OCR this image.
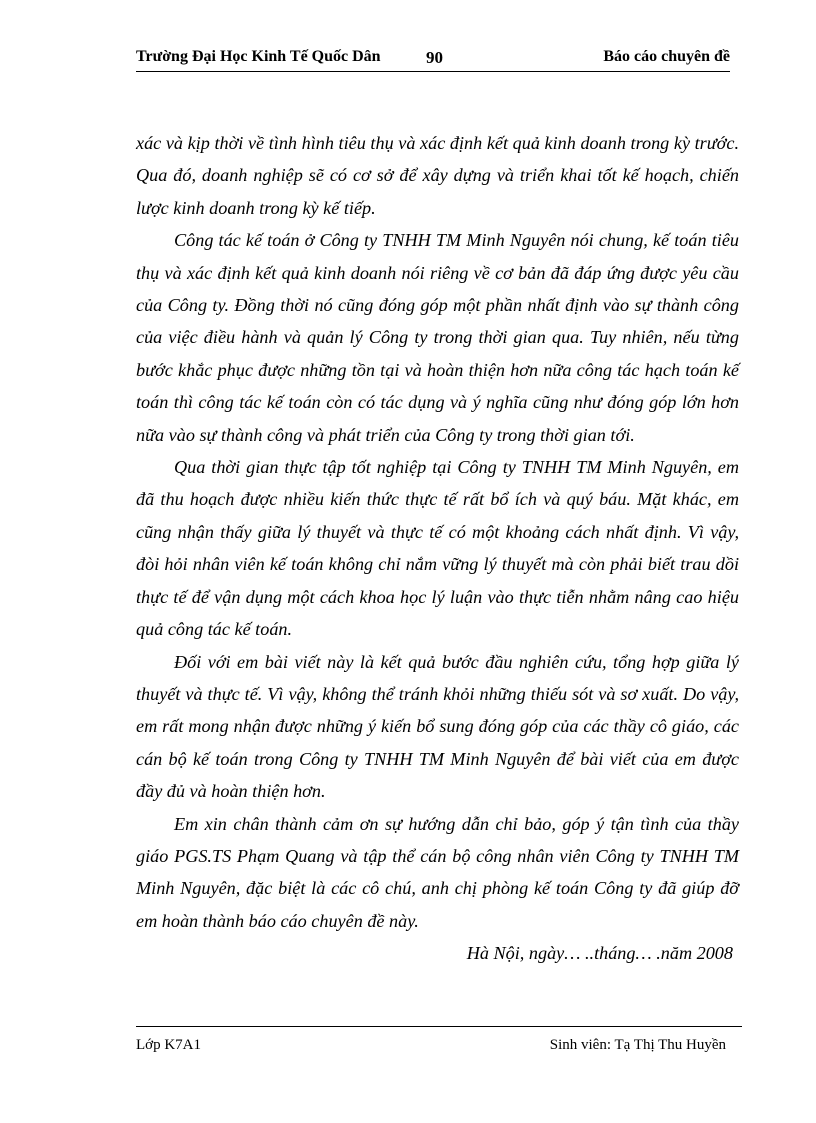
Trường Đại Học Kinh Tế Quốc Dân	90	Báo cáo chuyên đề

xác và kịp thời về tình hình tiêu thụ và xác định kết quả kinh doanh trong kỳ trước. Qua đó, doanh nghiệp sẽ có cơ sở để xây dựng và triển khai tốt kế hoạch, chiến lược kinh doanh trong kỳ kế tiếp.

Công tác kế toán ở Công ty TNHH TM Minh Nguyên nói chung, kế toán tiêu thụ và xác định kết quả kinh doanh nói riêng về cơ bản đã đáp ứng được yêu cầu của Công ty. Đồng thời nó cũng đóng góp một phần nhất định vào sự thành công của việc điều hành và quản lý Công ty trong thời gian qua. Tuy nhiên, nếu từng bước khắc phục được những tồn tại và hoàn thiện hơn nữa công tác hạch toán kế toán thì công tác kế toán còn có tác dụng và ý nghĩa cũng như đóng góp lớn hơn nữa vào sự thành công và phát triển của Công ty trong thời gian tới.

Qua thời gian thực tập tốt nghiệp tại Công ty TNHH TM Minh Nguyên, em đã thu hoạch được nhiều kiến thức thực tế rất bổ ích và quý báu. Mặt khác, em cũng nhận thấy giữa lý thuyết và thực tế có một khoảng cách nhất định. Vì vậy, đòi hỏi nhân viên kế toán không chỉ nắm vững lý thuyết mà còn phải biết trau dồi thực tế để vận dụng một cách khoa học lý luận vào thực tiễn nhằm nâng cao hiệu quả công tác kế toán.

Đối với em bài viết này là kết quả bước đầu nghiên cứu, tổng hợp giữa lý thuyết và thực tế. Vì vậy, không thể tránh khỏi những thiếu sót và sơ xuất. Do vậy, em rất mong nhận được những ý kiến bổ sung đóng góp của các thầy cô giáo, các cán bộ kế toán trong Công ty TNHH TM Minh Nguyên để bài viết của em được đầy đủ và hoàn thiện hơn.

Em xin chân thành cảm ơn sự hướng dẫn chỉ bảo, góp ý tận tình của thầy giáo PGS.TS Phạm Quang và tập thể cán bộ công nhân viên Công ty TNHH TM Minh Nguyên, đặc biệt là các cô chú, anh chị phòng kế toán Công ty đã giúp đỡ em hoàn thành báo cáo chuyên đề này.

Hà Nội, ngày… ..tháng… .năm 2008

Lớp K7A1	Sinh viên: Tạ Thị Thu Huyền
